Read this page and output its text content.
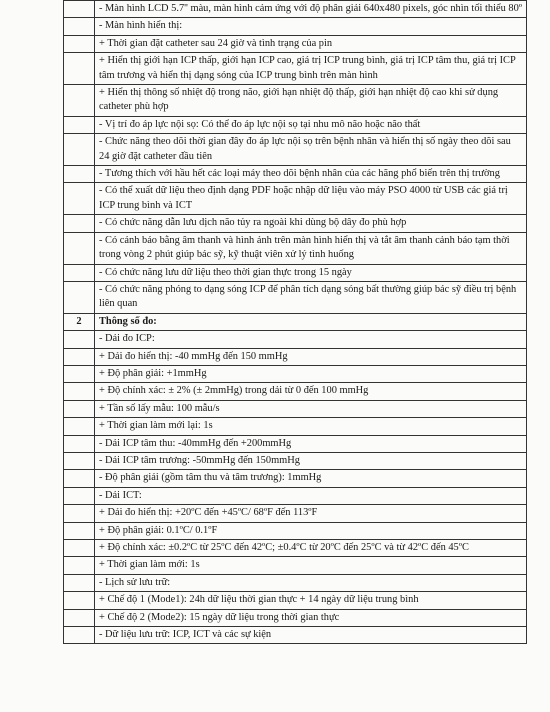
	- Màn hình LCD 5.7'' màu, màn hình cảm ứng với độ phân giải 640x480 pixels, góc nhìn tối thiểu 80º
	- Màn hình hiển thị:
	+ Thời gian đặt catheter sau 24 giờ và tình trạng của pin
	+ Hiển thị giới hạn ICP thấp, giới hạn ICP cao, giá trị ICP trung bình, giá trị ICP tâm thu, giá trị ICP tâm trương và hiển thị dạng sóng của ICP trung bình trên màn hình
	+ Hiển thị thông số nhiệt độ trong não, giới hạn nhiệt độ thấp, giới hạn nhiệt độ cao khi sử dụng catheter phù hợp
	- Vị trí đo áp lực nội sọ: Có thể đo áp lực nội sọ tại nhu mô não hoặc não thất
	- Chức năng theo dõi thời gian đây đo áp lực nội sọ trên bệnh nhân và hiển thị số ngày theo dõi sau 24 giờ đặt catheter đầu tiên
	- Tương thích với hầu hết các loại máy theo dõi bệnh nhân của các hãng phổ biến trên thị trường
	- Có thể xuất dữ liệu theo định dạng PDF hoặc nhập dữ liệu vào máy PSO 4000 từ USB các giá trị ICP trung bình và ICT
	- Có chức năng dẫn lưu dịch não tủy ra ngoài khi dùng bộ dây đo phù hợp
	- Có cảnh báo bằng âm thanh và hình ảnh trên màn hình hiển thị và tắt âm thanh cảnh báo tạm thời trong vòng 2 phút giúp bác sỹ, kỹ thuật viên xử lý tình huống
	- Có chức năng lưu dữ liệu theo thời gian thực trong 15 ngày
	- Có chức năng phóng to dạng sóng ICP để phân tích dạng sóng bất thường giúp bác sỹ điều trị bệnh liên quan
2	Thông số đo:
	- Dải đo ICP:
	+ Dải đo hiển thị: -40 mmHg đến 150 mmHg
	+ Độ phân giải: +1mmHg
	+ Độ chính xác: ± 2% (± 2mmHg) trong dải từ 0 đến 100 mmHg
	+ Tần số lấy mẫu: 100 mẫu/s
	+ Thời gian làm mới lại: 1s
	- Dải ICP tâm thu: -40mmHg đến +200mmHg
	- Dải ICP tâm trương: -50mmHg đến 150mmHg
	- Độ phân giải (gồm tâm thu và tâm trương): 1mmHg
	- Dải ICT:
	+ Dải đo hiển thị: +20ºC đến +45ºC/ 68ºF đến 113ºF
	+ Độ phân giải: 0.1ºC/ 0.1ºF
	+ Độ chính xác: ±0.2ºC từ 25ºC đến 42ºC; ±0.4ºC từ 20ºC đến 25ºC và từ 42ºC đến 45ºC
	+ Thời gian làm mới: 1s
	- Lịch sử lưu trữ:
	+ Chế độ 1 (Mode1): 24h dữ liệu thời gian thực + 14 ngày dữ liệu trung bình
	+ Chế độ 2 (Mode2): 15 ngày dữ liệu trong thời gian thực
	- Dữ liệu lưu trữ: ICP, ICT và các sự kiện
